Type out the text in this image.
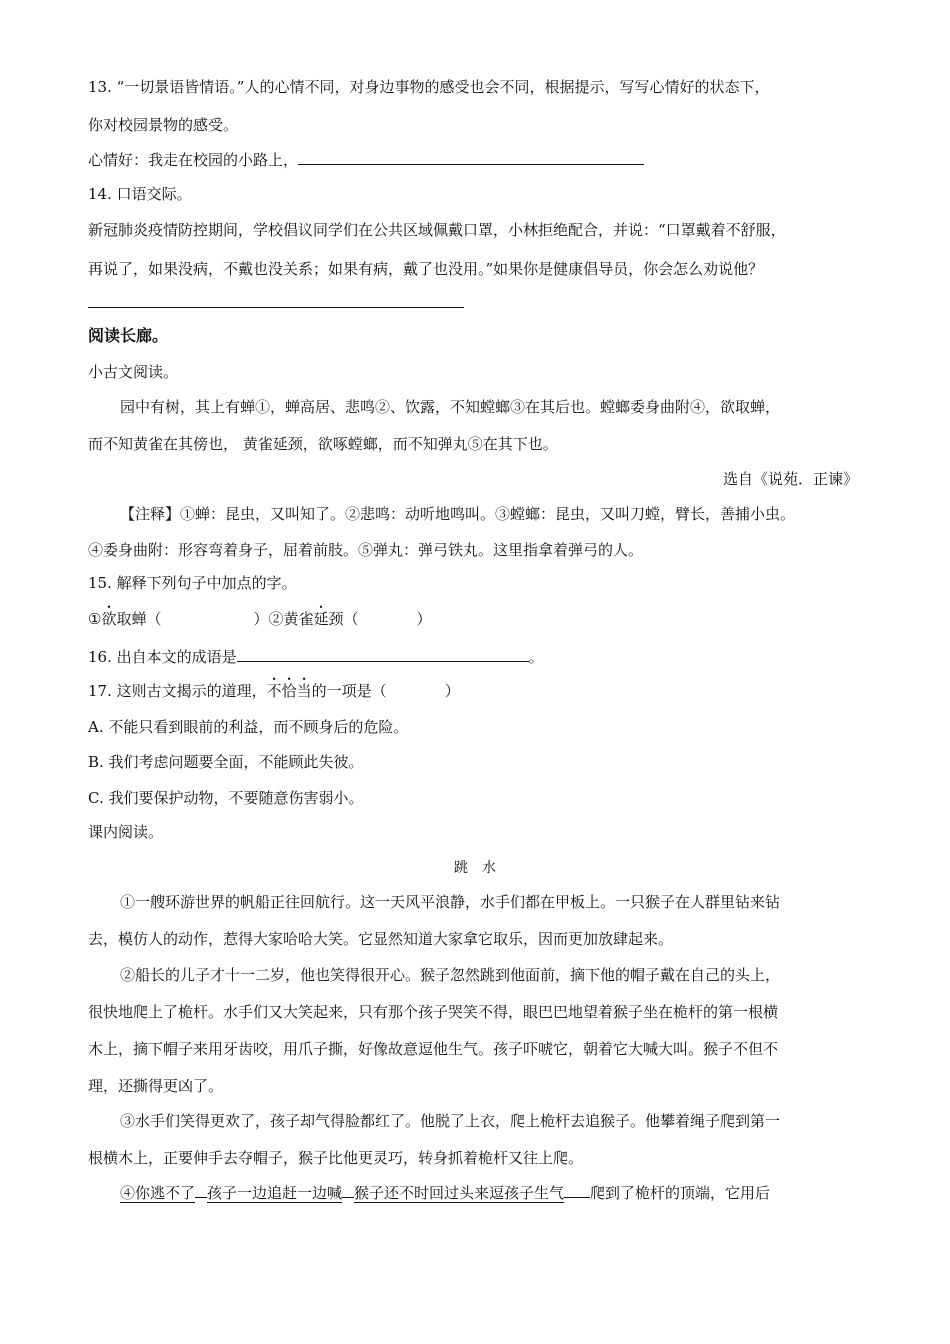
13. “一切景语皆情语。”人的心情不同，对身边事物的感受也会不同，根据提示，写写心情好的状态下，
你对校园景物的感受。
心情好：我走在校园的小路上，
14. 口语交际。
新冠肺炎疫情防控期间，学校倡议同学们在公共区域佩戴口罩，小林拒绝配合，并说：“口罩戴着不舒服，
再说了，如果没病，不戴也没关系；如果有病，戴了也没用。”如果你是健康倡导员，你会怎么劝说他？
阅读长廊。
小古文阅读。
园中有树，其上有蝉①，蝉高居、悲鸣②、饮露，不知螳螂③在其后也。螳螂委身曲附④，欲取蝉，
而不知黄雀在其傍也， 黄雀延颈，欲啄螳螂，而不知弹丸⑤在其下也。
选自《说苑．正谏》
【注释】①蝉：昆虫，又叫知了。②悲鸣：动听地鸣叫。③螳螂：昆虫，又叫刀螳，臂长，善捕小虫。
④委身曲附：形容弯着身子，屈着前肢。⑤弹丸：弹弓铁丸。这里指拿着弹弓的人。
15. 解释下列句子中加点的字。
①欲取蝉（	）②黄雀延颈（	）
16. 出自本文的成语是	。
17. 这则古文揭示的道理，不恰当的一项是（	）
A. 不能只看到眼前的利益，而不顾身后的危险。
B. 我们考虑问题要全面，不能顾此失彼。
C. 我们要保护动物，不要随意伤害弱小。
课内阅读。
跳　水
①一艘环游世界的帆船正往回航行。这一天风平浪静，水手们都在甲板上。一只猴子在人群里钻来钻
去，模仿人的动作，惹得大家哈哈大笑。它显然知道大家拿它取乐，因而更加放肆起来。
②船长的儿子才十一二岁，他也笑得很开心。猴子忽然跳到他面前，摘下他的帽子戴在自己的头上，
很快地爬上了桅杆。水手们又大笑起来，只有那个孩子哭笑不得，眼巴巴地望着猴子坐在桅杆的第一根横
木上，摘下帽子来用牙齿咬，用爪子撕，好像故意逗他生气。孩子吓唬它，朝着它大喊大叫。猴子不但不
理，还撕得更凶了。
③水手们笑得更欢了，孩子却气得脸都红了。他脱了上衣，爬上桅杆去追猴子。他攀着绳子爬到第一
根横木上，正要伸手去夺帽子，猴子比他更灵巧，转身抓着桅杆又往上爬。
④你逃不了 孩子一边追赶一边喊 猴子还不时回过头来逗孩子生气 爬到了桅杆的顶端，它用后
